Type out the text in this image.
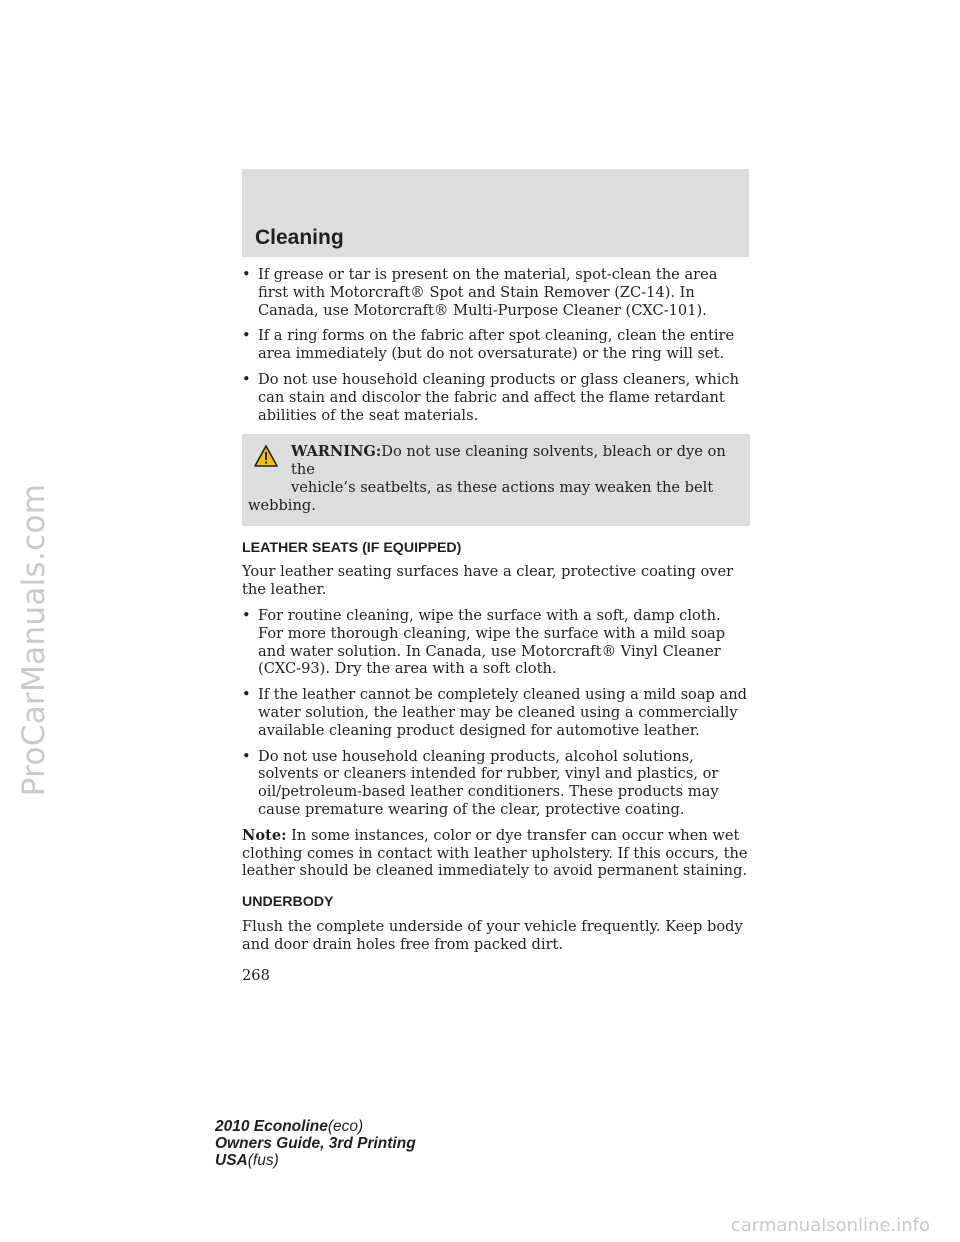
ProCarManuals.com
carmanualsonline.info
Cleaning
• If grease or tar is present on the material, spot-clean the area first with Motorcraft® Spot and Stain Remover (ZC-14). In Canada, use Motorcraft® Multi-Purpose Cleaner (CXC-101).
• If a ring forms on the fabric after spot cleaning, clean the entire area immediately (but do not oversaturate) or the ring will set.
• Do not use household cleaning products or glass cleaners, which can stain and discolor the fabric and affect the flame retardant abilities of the seat materials.
WARNING:Do not use cleaning solvents, bleach or dye on the
vehicle’s seatbelts, as these actions may weaken the belt
webbing.
LEATHER SEATS (IF EQUIPPED)
Your leather seating surfaces have a clear, protective coating over the leather.
• For routine cleaning, wipe the surface with a soft, damp cloth. For more thorough cleaning, wipe the surface with a mild soap and water solution. In Canada, use Motorcraft® Vinyl Cleaner (CXC-93). Dry the area with a soft cloth.
• If the leather cannot be completely cleaned using a mild soap and water solution, the leather may be cleaned using a commercially available cleaning product designed for automotive leather.
• Do not use household cleaning products, alcohol solutions, solvents or cleaners intended for rubber, vinyl and plastics, or oil/petroleum-based leather conditioners. These products may cause premature wearing of the clear, protective coating.
Note: In some instances, color or dye transfer can occur when wet clothing comes in contact with leather upholstery. If this occurs, the leather should be cleaned immediately to avoid permanent staining.
UNDERBODY
Flush the complete underside of your vehicle frequently. Keep body and door drain holes free from packed dirt.
268
2010 Econoline(eco)
Owners Guide, 3rd Printing
USA(fus)
